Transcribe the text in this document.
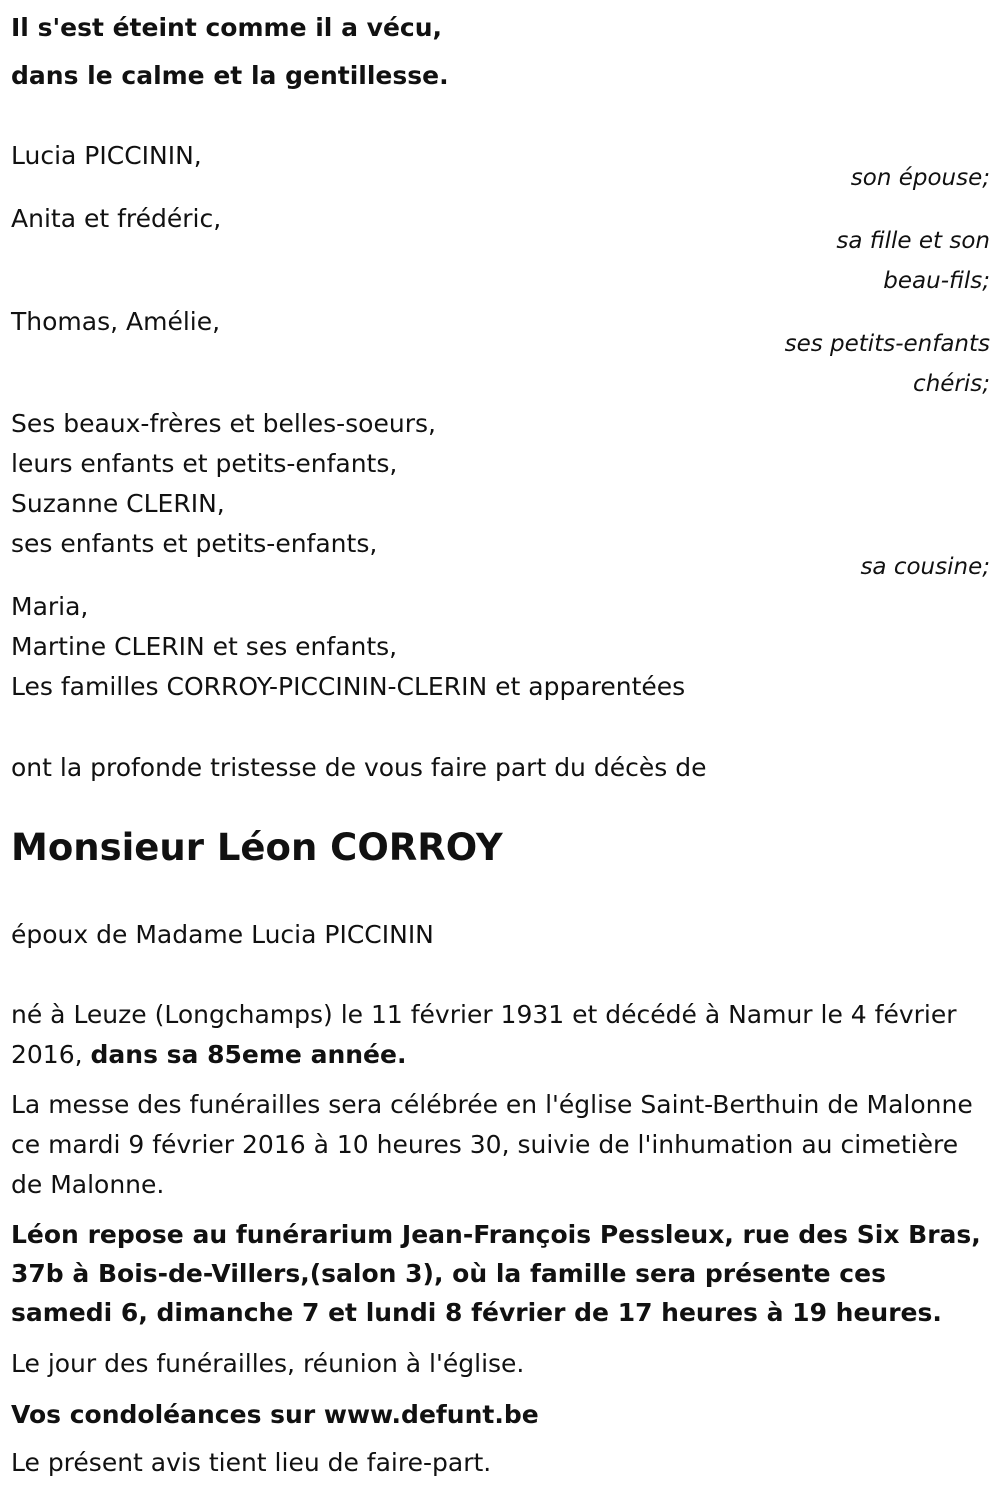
Il s'est éteint comme il a vécu,
dans le calme et la gentillesse.
Lucia PICCININ,
son épouse;
Anita et frédéric,
sa fille et son
beau-fils;
Thomas, Amélie,
ses petits-enfants
chéris;
Ses beaux-frères et belles-soeurs,
leurs enfants et petits-enfants,
Suzanne CLERIN,
ses enfants et petits-enfants,
sa cousine;
Maria,
Martine CLERIN et ses enfants,
Les familles CORROY-PICCININ-CLERIN et apparentées
ont la profonde tristesse de vous faire part du décès de
Monsieur Léon CORROY
époux de Madame Lucia PICCININ
né à Leuze (Longchamps) le 11 février 1931 et décédé à Namur le 4 février 2016, dans sa 85eme année.
La messe des funérailles sera célébrée en l'église Saint-Berthuin de Malonne ce mardi 9 février 2016 à 10 heures 30, suivie de l'inhumation au cimetière de Malonne.
Léon repose au funérarium Jean-François Pessleux, rue des Six Bras, 37b à Bois-de-Villers,(salon 3), où la famille sera présente ces samedi 6, dimanche 7 et lundi 8 février de 17 heures à 19 heures.
Le jour des funérailles, réunion à l'église.
Vos condoléances sur www.defunt.be
Le présent avis tient lieu de faire-part.
